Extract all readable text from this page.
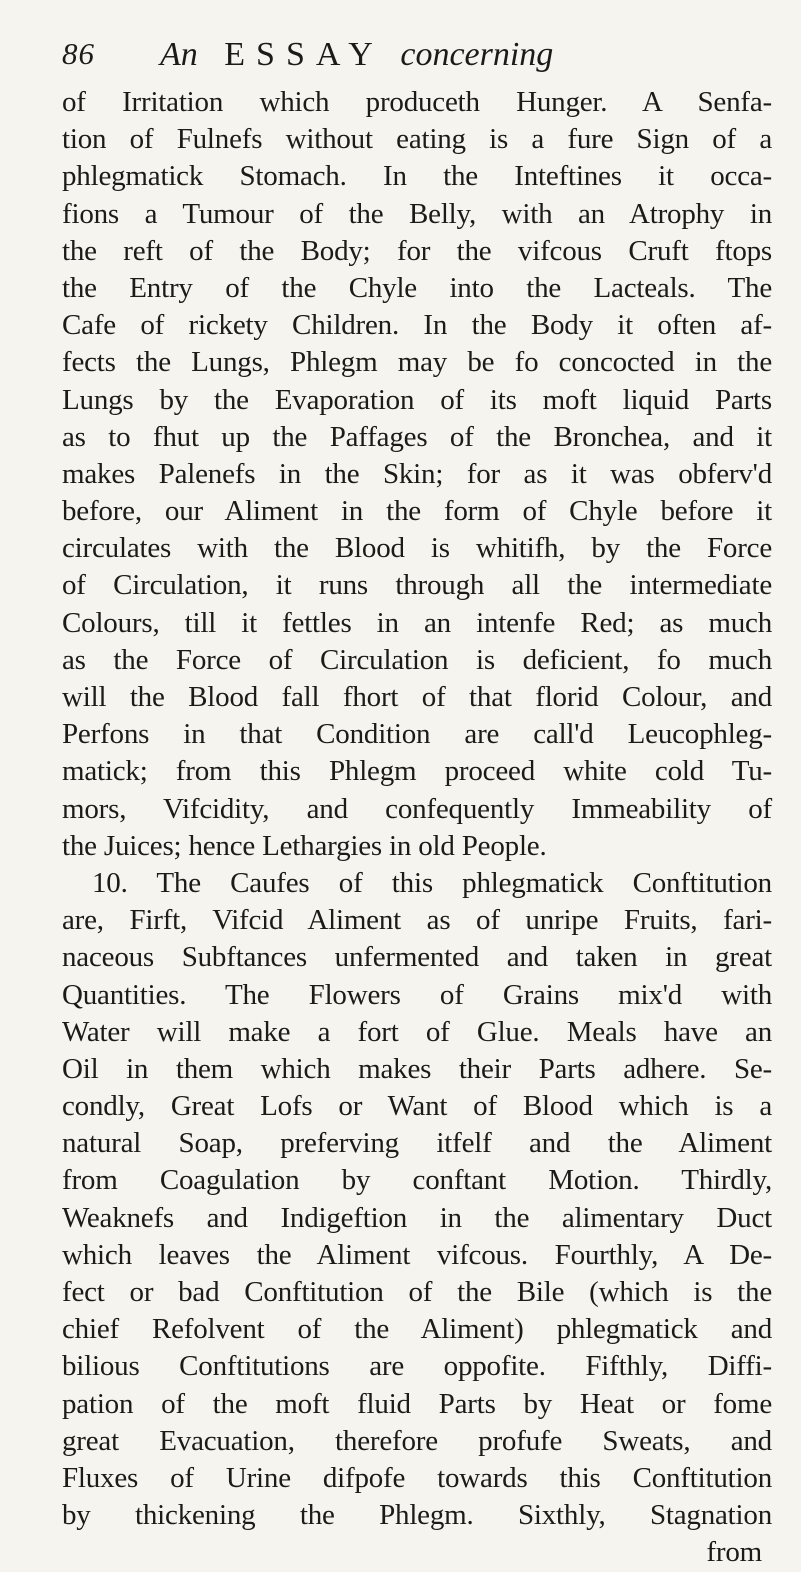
86 An ESSAY concerning
of Irritation which produceth Hunger. A Senfa-
tion of Fulnefs without eating is a fure Sign of a
phlegmatick Stomach. In the Inteftines it occa-
fions a Tumour of the Belly, with an Atrophy in
the reft of the Body; for the vifcous Cruft ftops
the Entry of the Chyle into the Lacteals. The
Cafe of rickety Children. In the Body it often af-
fects the Lungs, Phlegm may be fo concocted in the
Lungs by the Evaporation of its moft liquid Parts
as to fhut up the Paffages of the Bronchea, and it
makes Palenefs in the Skin; for as it was obferv'd
before, our Aliment in the form of Chyle before it
circulates with the Blood is whitifh, by the Force
of Circulation, it runs through all the intermediate
Colours, till it fettles in an intenfe Red; as much
as the Force of Circulation is deficient, fo much
will the Blood fall fhort of that florid Colour, and
Perfons in that Condition are call'd Leucophleg-
matick; from this Phlegm proceed white cold Tu-
mors, Vifcidity, and confequently Immeability of
the Juices; hence Lethargies in old People.
10. The Caufes of this phlegmatick Conftitution
are, Firft, Vifcid Aliment as of unripe Fruits, fari-
naceous Subftances unfermented and taken in great
Quantities. The Flowers of Grains mix'd with
Water will make a fort of Glue. Meals have an
Oil in them which makes their Parts adhere. Se-
condly, Great Lofs or Want of Blood which is a
natural Soap, preferving itfelf and the Aliment
from Coagulation by conftant Motion. Thirdly,
Weaknefs and Indigeftion in the alimentary Duct
which leaves the Aliment vifcous. Fourthly, A De-
fect or bad Conftitution of the Bile (which is the
chief Refolvent of the Aliment) phlegmatick and
bilious Conftitutions are oppofite. Fifthly, Diffi-
pation of the moft fluid Parts by Heat or fome
great Evacuation, therefore profufe Sweats, and
Fluxes of Urine difpofe towards this Conftitution
by thickening the Phlegm. Sixthly, Stagnation
from
